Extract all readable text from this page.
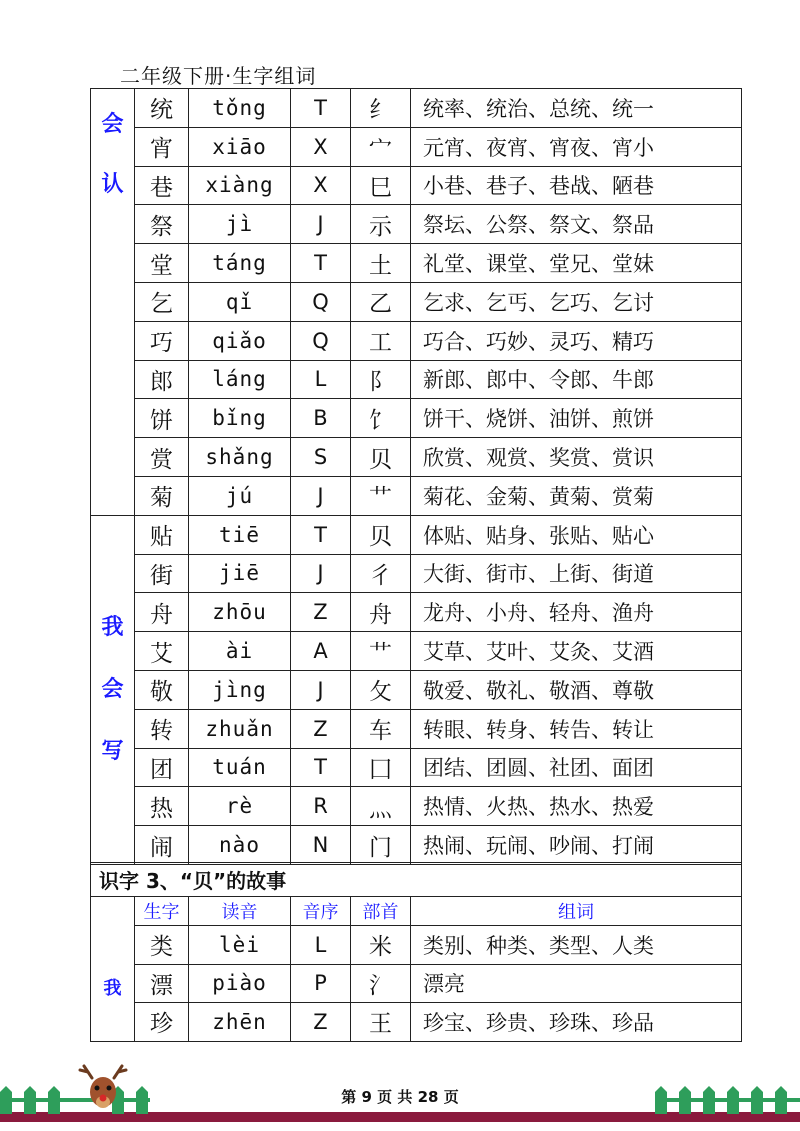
二年级下册·生字组词
会认	统	tǒng	T	纟	统率、统治、总统、统一
	宵	xiāo	X	宀	元宵、夜宵、宵夜、宵小
	巷	xiàng	X	巳	小巷、巷子、巷战、陋巷
	祭	jì	J	示	祭坛、公祭、祭文、祭品
	堂	táng	T	土	礼堂、课堂、堂兄、堂妹
	乞	qǐ	Q	乙	乞求、乞丐、乞巧、乞讨
	巧	qiǎo	Q	工	巧合、巧妙、灵巧、精巧
	郎	láng	L	阝	新郎、郎中、令郎、牛郎
	饼	bǐng	B	饣	饼干、烧饼、油饼、煎饼
	赏	shǎng	S	贝	欣赏、观赏、奖赏、赏识
	菊	jú	J	艹	菊花、金菊、黄菊、赏菊
我会写	贴	tiē	T	贝	体贴、贴身、张贴、贴心
	街	jiē	J	彳	大街、街市、上街、街道
	舟	zhōu	Z	舟	龙舟、小舟、轻舟、渔舟
	艾	ài	A	艹	艾草、艾叶、艾灸、艾酒
	敬	jìng	J	攵	敬爱、敬礼、敬酒、尊敬
	转	zhuǎn	Z	车	转眼、转身、转告、转让
	团	tuán	T	囗	团结、团圆、社团、面团
	热	rè	R	灬	热情、火热、热水、热爱
	闹	nào	N	门	热闹、玩闹、吵闹、打闹
识字 3、“贝”的故事					
我	生字	读音	音序	部首	组词
	类	lèi	L	米	类别、种类、类型、人类
	漂	piào	P	氵	漂亮
	珍	zhēn	Z	王	珍宝、珍贵、珍珠、珍品
第 9 页 共 28 页
